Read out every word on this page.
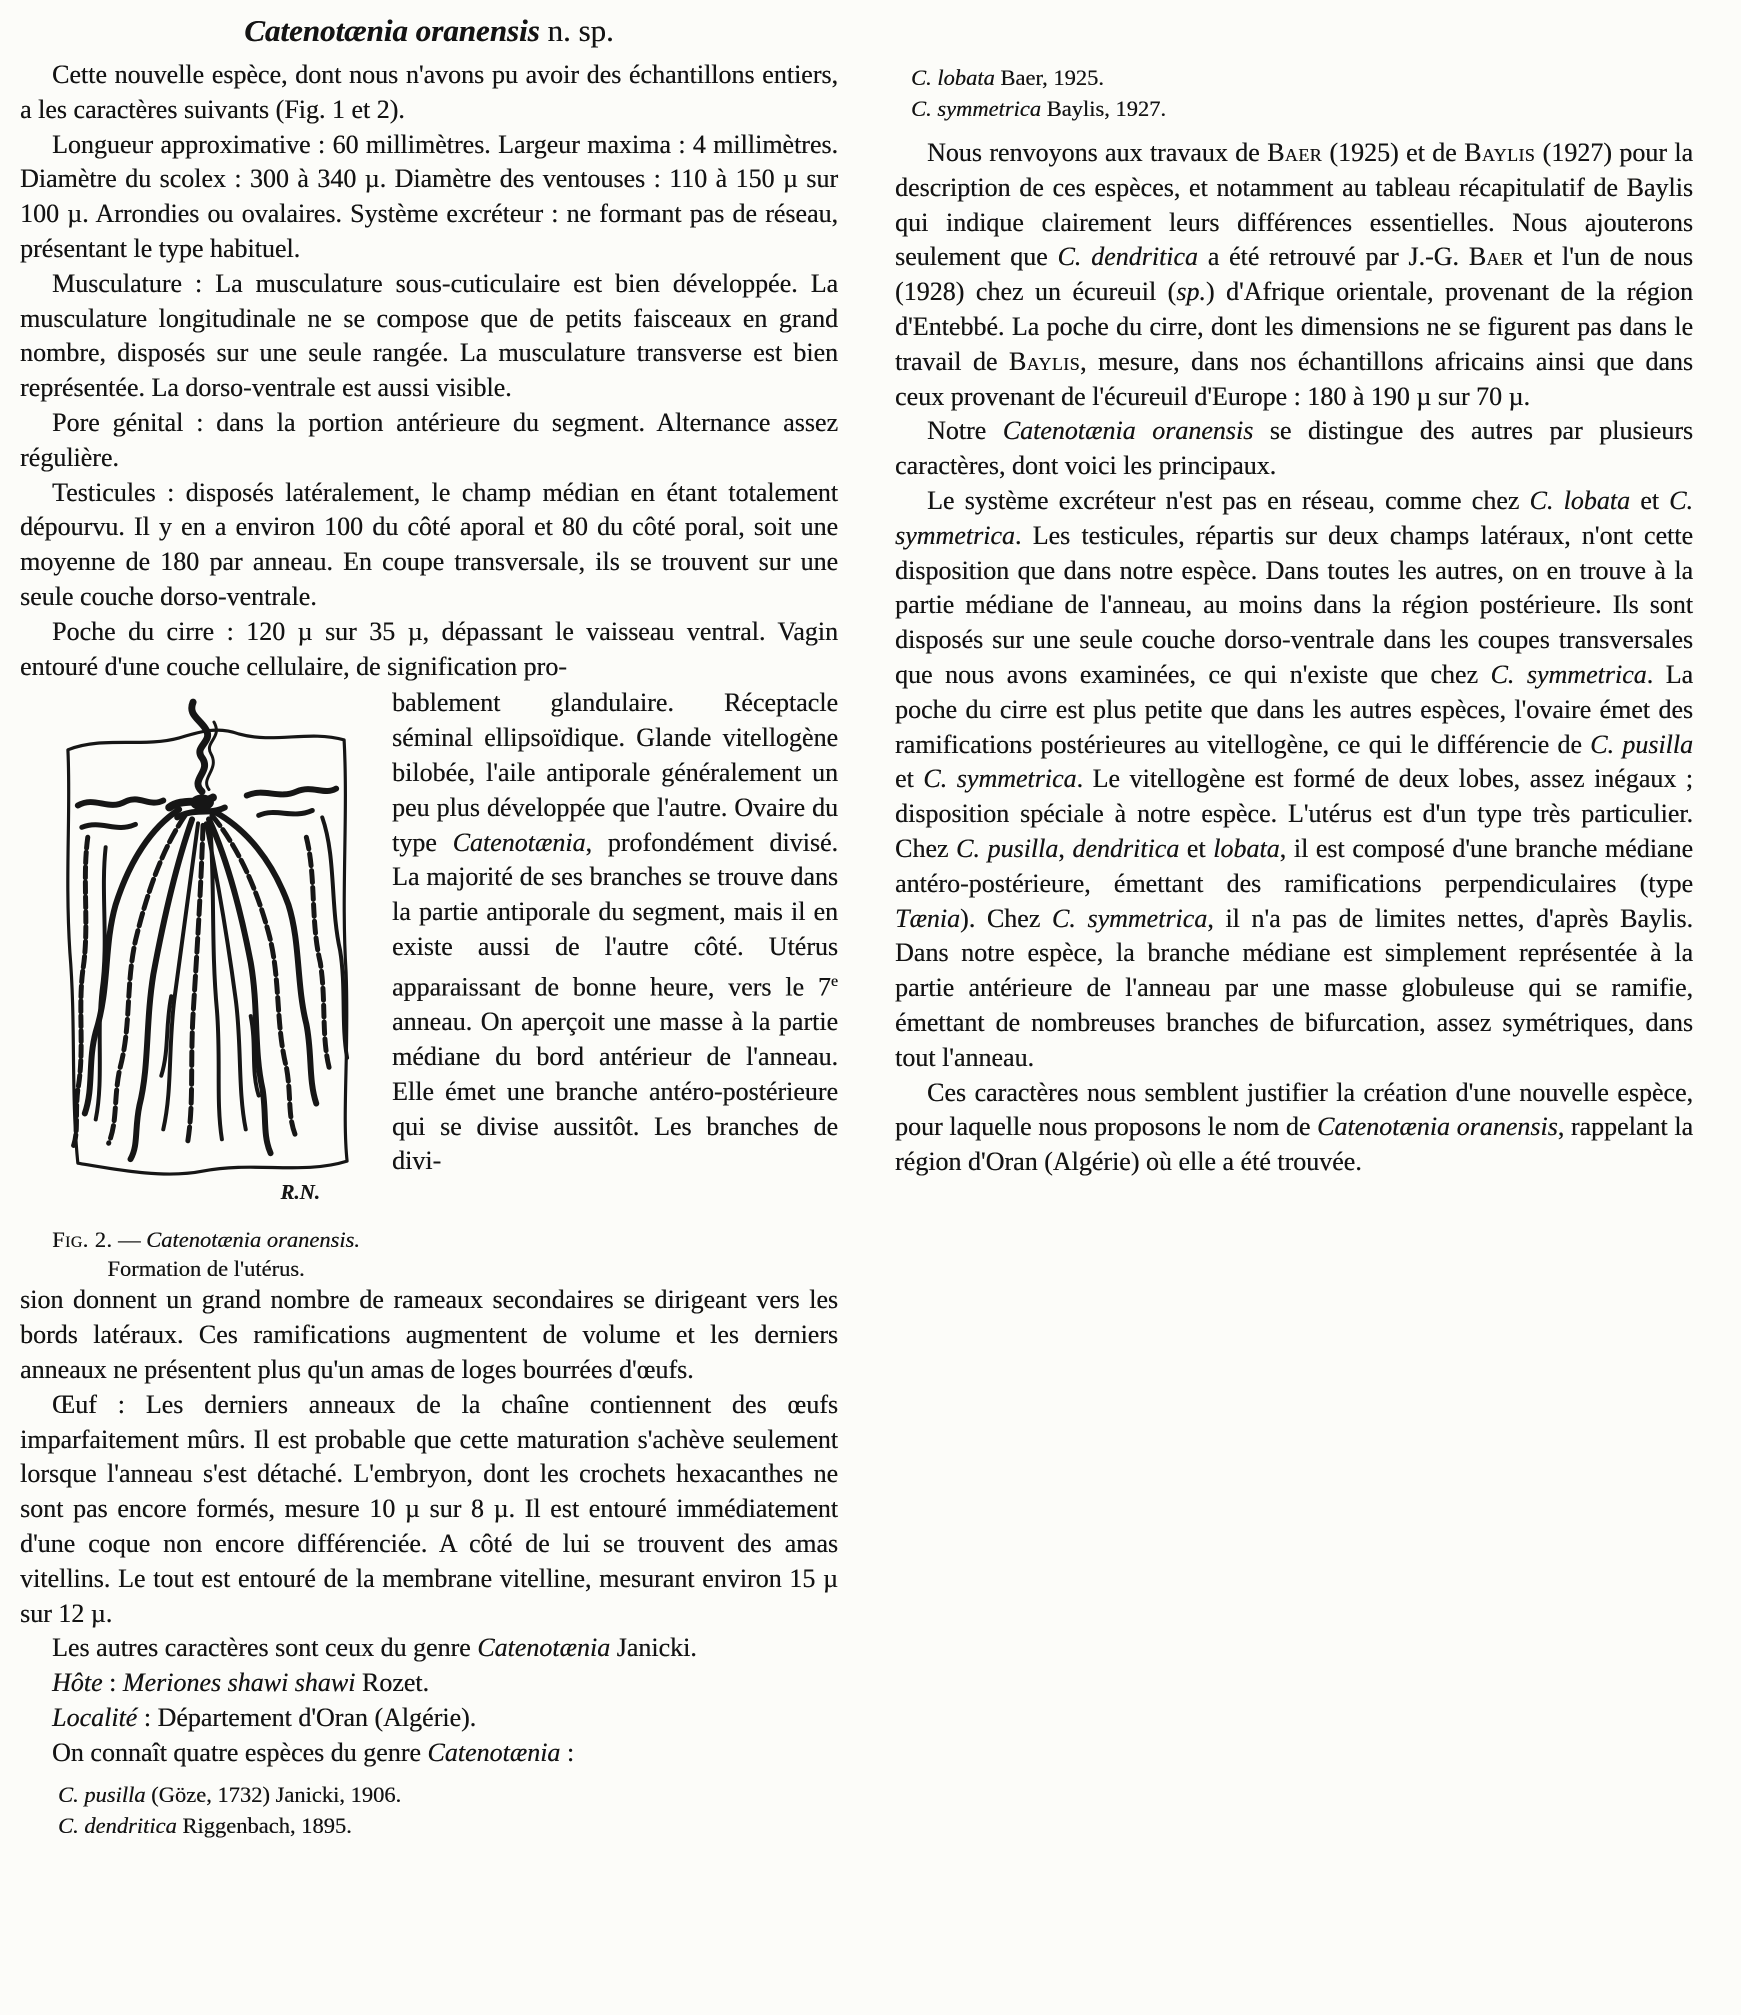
Catenotænia oranensis n. sp.

Cette nouvelle espèce, dont nous n'avons pu avoir des échantillons entiers, a les caractères suivants (Fig. 1 et 2).

Longueur approximative : 60 millimètres. Largeur maxima : 4 millimètres. Diamètre du scolex : 300 à 340 µ. Diamètre des ventouses : 110 à 150 µ sur 100 µ. Arrondies ou ovalaires. Système excréteur : ne formant pas de réseau, présentant le type habituel.

Musculature : La musculature sous-cuticulaire est bien développée. La musculature longitudinale ne se compose que de petits faisceaux en grand nombre, disposés sur une seule rangée. La musculature transverse est bien représentée. La dorso-ventrale est aussi visible.

Pore génital : dans la portion antérieure du segment. Alternance assez régulière.

Testicules : disposés latéralement, le champ médian en étant totalement dépourvu. Il y en a environ 100 du côté aporal et 80 du côté poral, soit une moyenne de 180 par anneau. En coupe transversale, ils se trouvent sur une seule couche dorso-ventrale.

Poche du cirre : 120 µ sur 35 µ, dépassant le vaisseau ventral. Vagin entouré d'une couche cellulaire, de signification pro-

R.N.
Fig. 2. — Catenotænia oranensis.
Formation de l'utérus.
bablement glandulaire. Réceptacle séminal ellipsoïdique. Glande vitellogène bilobée, l'aile antiporale généralement un peu plus développée que l'autre. Ovaire du type Catenotænia, profondément divisé. La majorité de ses branches se trouve dans la partie antiporale du segment, mais il en existe aussi de l'autre côté. Utérus apparaissant de bonne heure, vers le 7e anneau. On aperçoit une masse à la partie médiane du bord antérieur de l'anneau. Elle émet une branche antéro-postérieure qui se divise aussitôt. Les branches de divi-

sion donnent un grand nombre de rameaux secondaires se dirigeant vers les bords latéraux. Ces ramifications augmentent de volume et les derniers anneaux ne présentent plus qu'un amas de loges bourrées d'œufs.

Œuf : Les derniers anneaux de la chaîne contiennent des œufs imparfaitement mûrs. Il est probable que cette maturation s'achève seulement lorsque l'anneau s'est détaché. L'embryon, dont les crochets hexacanthes ne sont pas encore formés, mesure 10 µ sur 8 µ. Il est entouré immédiatement d'une coque non encore différenciée. A côté de lui se trouvent des amas vitellins. Le tout est entouré de la membrane vitelline, mesurant environ 15 µ sur 12 µ.

Les autres caractères sont ceux du genre Catenotænia Janicki.

Hôte : Meriones shawi shawi Rozet.

Localité : Département d'Oran (Algérie).

On connaît quatre espèces du genre Catenotænia :

C. pusilla (Göze, 1732) Janicki, 1906.

C. dendritica Riggenbach, 1895.

C. lobata Baer, 1925.

C. symmetrica Baylis, 1927.

Nous renvoyons aux travaux de Baer (1925) et de Baylis (1927) pour la description de ces espèces, et notamment au tableau récapitulatif de Baylis qui indique clairement leurs différences essentielles. Nous ajouterons seulement que C. dendritica a été retrouvé par J.-G. Baer et l'un de nous (1928) chez un écureuil (sp.) d'Afrique orientale, provenant de la région d'Entebbé. La poche du cirre, dont les dimensions ne se figurent pas dans le travail de Baylis, mesure, dans nos échantillons africains ainsi que dans ceux provenant de l'écureuil d'Europe : 180 à 190 µ sur 70 µ.

Notre Catenotænia oranensis se distingue des autres par plusieurs caractères, dont voici les principaux.

Le système excréteur n'est pas en réseau, comme chez C. lobata et C. symmetrica. Les testicules, répartis sur deux champs latéraux, n'ont cette disposition que dans notre espèce. Dans toutes les autres, on en trouve à la partie médiane de l'anneau, au moins dans la région postérieure. Ils sont disposés sur une seule couche dorso-ventrale dans les coupes transversales que nous avons examinées, ce qui n'existe que chez C. symmetrica. La poche du cirre est plus petite que dans les autres espèces, l'ovaire émet des ramifications postérieures au vitellogène, ce qui le différencie de C. pusilla et C. symmetrica. Le vitellogène est formé de deux lobes, assez inégaux ; disposition spéciale à notre espèce. L'utérus est d'un type très particulier. Chez C. pusilla, dendritica et lobata, il est composé d'une branche médiane antéro-postérieure, émettant des ramifications perpendiculaires (type Tænia). Chez C. symmetrica, il n'a pas de limites nettes, d'après Baylis. Dans notre espèce, la branche médiane est simplement représentée à la partie antérieure de l'anneau par une masse globuleuse qui se ramifie, émettant de nombreuses branches de bifurcation, assez symétriques, dans tout l'anneau.

Ces caractères nous semblent justifier la création d'une nouvelle espèce, pour laquelle nous proposons le nom de Catenotænia oranensis, rappelant la région d'Oran (Algérie) où elle a été trouvée.
